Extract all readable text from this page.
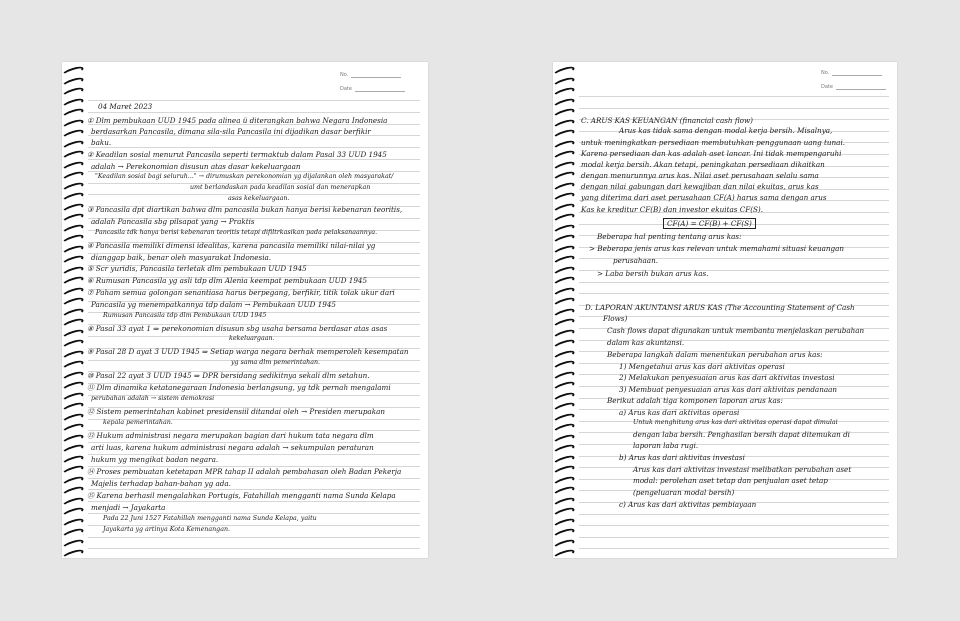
No.
Date
04 Maret 2023
① Dlm pembukaan UUD 1945 pada alinea ü diterangkan bahwa Negara Indonesia
berdasarkan Pancasila, dimana sila-sila Pancasila ini dijadikan dasar berfikir
baku.
② Keadilan sosial menurut Pancasila seperti termaktub dalam Pasal 33 UUD 1945
adalah → Perekonomian disusun atas dasar kekeluargaan
"Keadilan sosial bagi seluruh..." → dirumuskan perekonomian yg dijalankan oleh masyarakat/
umt berlandaskan pada keadilan sosial dan menerapkan
asas kekeluargaan.
③ Pancasila dpt diartikan bahwa dlm pancasila bukan hanya berisi kebenaran teoritis,
adalah Pancasila sbg pilsapat yang → Praktis
Pancasila tdk hanya berisi kebenaran teoritis tetapi difiltrkasikan pada pelaksanaannya.
④ Pancasila memiliki dimensi idealitas, karena pancasila memiliki nilai-nilai yg
dianggap baik, benar oleh masyarakat Indonesia.
⑤ Scr yuridis, Pancasila terletak dlm pembukaan UUD 1945
⑥ Rumusan Pancasila yg asli tdp dlm Alenia keempat pembukaan UUD 1945
⑦ Paham semua golongan senantiasa harus berpegang, berfikir, titik tolak ukur dari
Pancasila yg menempatkannya tdp dalam → Pembukaan UUD 1945
Rumusan Pancasila tdp dlm Pembukaan UUD 1945
⑧ Pasal 33 ayat 1 ⇒ perekonomian disusun sbg usaha bersama berdasar atas asas
kekeluargaan.
⑨ Pasal 28 D ayat 3 UUD 1945 ⇒ Setiap warga negara berhak memperoleh kesempatan
yg sama dlm pemerintahan.
⑩ Pasal 22 ayat 3 UUD 1945 ⇒ DPR bersidang sedikitnya sekali dlm setahun.
⑪ Dlm dinamika ketatanegaraan Indonesia berlangsung, yg tdk pernah mengalami
perubahan adalah → sistem demokrasi
⑫ Sistem pemerintahan kabinet presidensiil ditandai oleh → Presiden merupakan
kepala pemerintahan.
⑬ Hukum administrasi negara merupakan bagian dari hukum tata negara dlm
arti luas, karena hukum administrasi negara adalah → sekumpulan peraturan
hukum yg mengikat badan negara.
⑭ Proses pembuatan ketetapan MPR tahap II adalah pembahasan oleh Badan Pekerja
Majelis terhadap bahan-bahan yg ada.
⑮ Karena berhasil mengalahkan Portugis, Fatahillah mengganti nama Sunda Kelapa
menjadi → Jayakarta
Pada 22 Juni 1527 Fatahillah mengganti nama Sunda Kelapa, yaitu
Jayakarta yg artinya Kota Kemenangan.
No.
Date
C. ARUS KAS KEUANGAN (financial cash flow)
Arus kas tidak sama dengan modal kerja bersih. Misalnya,
untuk meningkatkan persediaan membutuhkan penggunaan uang tunai.
Karena persediaan dan kas adalah aset lancar. Ini tidak mempengaruhi
modal kerja bersih. Akan tetapi, peningkatan persediaan dikaitkan
dengan menurunnya arus kas. Nilai aset perusahaan selalu sama
dengan nilai gabungan dari kewajiban dan nilai ekuitas, arus kas
yang diterima dari aset perusahaan CF(A) harus sama dengan arus
Kas ke kreditur CF(B) dan investor ekuitas CF(S).
CF(A) = CF(B) + CF(S)
Beberapa hal penting tentang arus kas:
> Beberapa jenis arus kas relevan untuk memahami situasi keuangan
perusahaan.
> Laba bersih bukan arus kas.
D. LAPORAN AKUNTANSI ARUS KAS (The Accounting Statement of Cash
Flows)
Cash flows dapat digunakan untuk membantu menjelaskan perubahan
dalam kas akuntansi.
Beberapa langkah dalam menentukan perubahan arus kas:
1) Mengetahui arus kas dari aktivitas operasi
2) Melakukan penyesuaian arus kas dari aktivitas investasi
3) Membuat penyesuaian arus kas dari aktivitas pendanaan
Berikut adalah tiga komponen laporan arus kas:
a) Arus kas dari aktivitas operasi
Untuk menghitung arus kas dari aktivitas operasi dapat dimulai
dengan laba bersih. Penghasilan bersih dapat ditemukan di
laporan laba rugi.
b) Arus kas dari aktivitas investasi
Arus kas dari aktivitas investasi melibatkan perubahan aset
modal: perolehan aset tetap dan penjualan aset tetap
(pengeluaran modal bersih)
c) Arus kas dari aktivitas pembiayaan
